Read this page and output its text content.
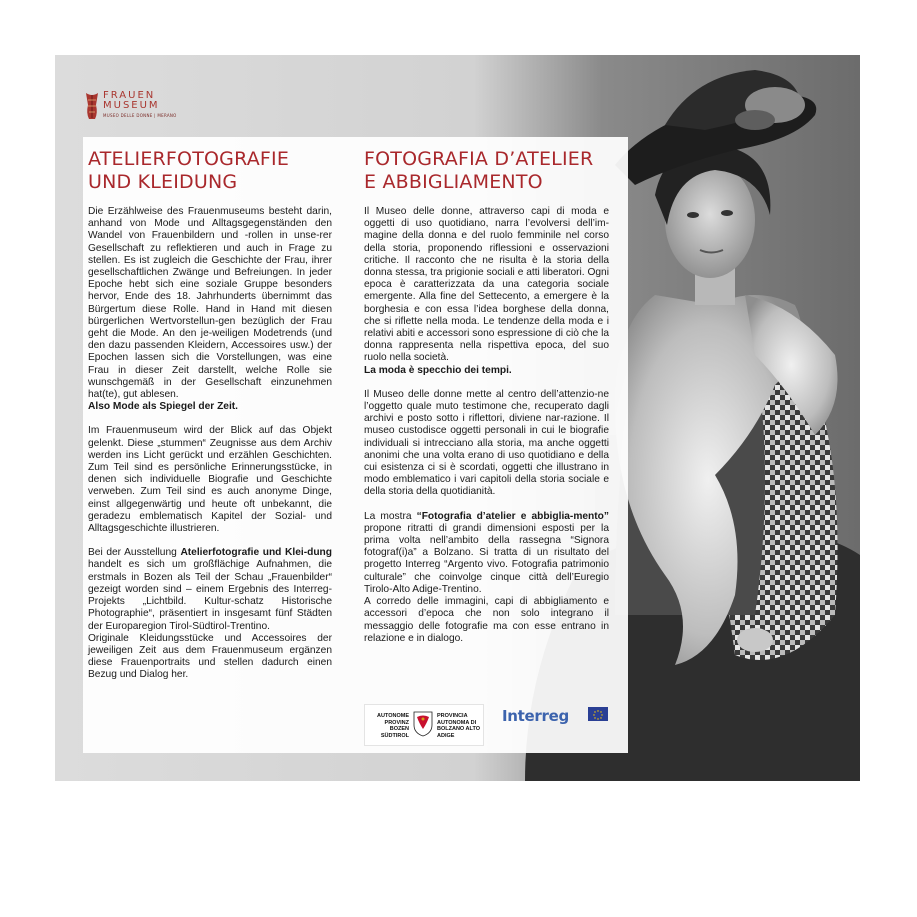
FRAUEN
MUSEUM
MUSEO DELLE DONNE | MERANO
ATELIERFOTOGRAFIE
UND KLEIDUNG
FOTOGRAFIA D’ATELIER
E ABBIGLIAMENTO

Die Erzählweise des Frauenmuseums besteht darin, anhand von Mode und Alltagsgegenständen den Wandel von Frauenbildern und -rollen in unse-rer Gesellschaft zu reflektieren und auch in Frage zu stellen. Es ist zugleich die Geschichte der Frau, ihrer gesellschaftlichen Zwänge und Befreiungen. In jeder Epoche hebt sich eine soziale Gruppe besonders hervor, Ende des 18. Jahrhunderts übernimmt das Bürgertum diese Rolle. Hand in Hand mit diesen bürgerlichen Wertvorstellun-gen bezüglich der Frau geht die Mode. An den je-weiligen Modetrends (und den dazu passenden Kleidern, Accessoires usw.) der Epochen lassen sich die Vorstellungen, was eine Frau in dieser Zeit darstellt, welche Rolle sie wunschgemäß in der Gesellschaft einzunehmen hat(te), gut ablesen.
Also Mode als Spiegel der Zeit.

Im Frauenmuseum wird der Blick auf das Objekt gelenkt. Diese „stummen“ Zeugnisse aus dem Archiv werden ins Licht gerückt und erzählen Geschichten. Zum Teil sind es persönliche Erinnerungsstücke, in denen sich individuelle Biografie und Geschichte verweben. Zum Teil sind es auch anonyme Dinge, einst allgegenwärtig und heute oft unbekannt, die geradezu emblematisch Kapitel der Sozial- und Alltagsgeschichte illustrieren.

Bei der Ausstellung Atelierfotografie und Klei-dung handelt es sich um großflächige Aufnahmen, die erstmals in Bozen als Teil der Schau „Frauenbilder“ gezeigt worden sind – einem Ergebnis des Interreg-Projekts „Lichtbild. Kultur-schatz Historische Photographie“, präsentiert in insgesamt fünf Städten der Europaregion Tirol-Südtirol-Trentino.

Originale Kleidungsstücke und Accessoires der jeweiligen Zeit aus dem Frauenmuseum ergänzen diese Frauenportraits und stellen dadurch einen Bezug und Dialog her.

Il Museo delle donne, attraverso capi di moda e oggetti di uso quotidiano, narra l’evolversi dell’im-magine della donna e del ruolo femminile nel corso della storia, proponendo riflessioni e osservazioni critiche. Il racconto che ne risulta è la storia della donna stessa, tra prigionie sociali e atti liberatori. Ogni epoca è caratterizzata da una categoria sociale emergente. Alla fine del Settecento, a emergere è la borghesia e con essa l’idea borghese della donna, che si riflette nella moda. Le tendenze della moda e i relativi abiti e accessori sono espressione di ciò che la donna rappresenta nella rispettiva epoca, del suo ruolo nella società.
La moda è specchio dei tempi.

Il Museo delle donne mette al centro dell’attenzio-ne l’oggetto quale muto testimone che, recuperato dagli archivi e posto sotto i riflettori, diviene nar-razione. Il museo custodisce oggetti personali in cui le biografie individuali si intrecciano alla storia, ma anche oggetti anonimi che una volta erano di uso quotidiano e della cui esistenza ci si è scordati, oggetti che illustrano in modo emblematico i vari capitoli della storia sociale e della storia della quotidianità.

La mostra “Fotografia d’atelier e abbiglia-mento” propone ritratti di grandi dimensioni esposti per la prima volta nell’ambito della rassegna “Signora fotograf(i)a” a Bolzano. Si tratta di un risultato del progetto Interreg “Argento vivo. Fotografia patrimonio culturale” che coinvolge cinque città dell’Euregio Tirolo-Alto Adige-Trentino.

A corredo delle immagini, capi di abbigliamento e accessori d’epoca che non solo integrano il messaggio delle fotografie ma con esse entrano in relazione e in dialogo.

AUTONOME PROVINZ BOZEN SÜDTIROL
PROVINCIA AUTONOMA DI BOLZANO ALTO ADIGE
Interreg
